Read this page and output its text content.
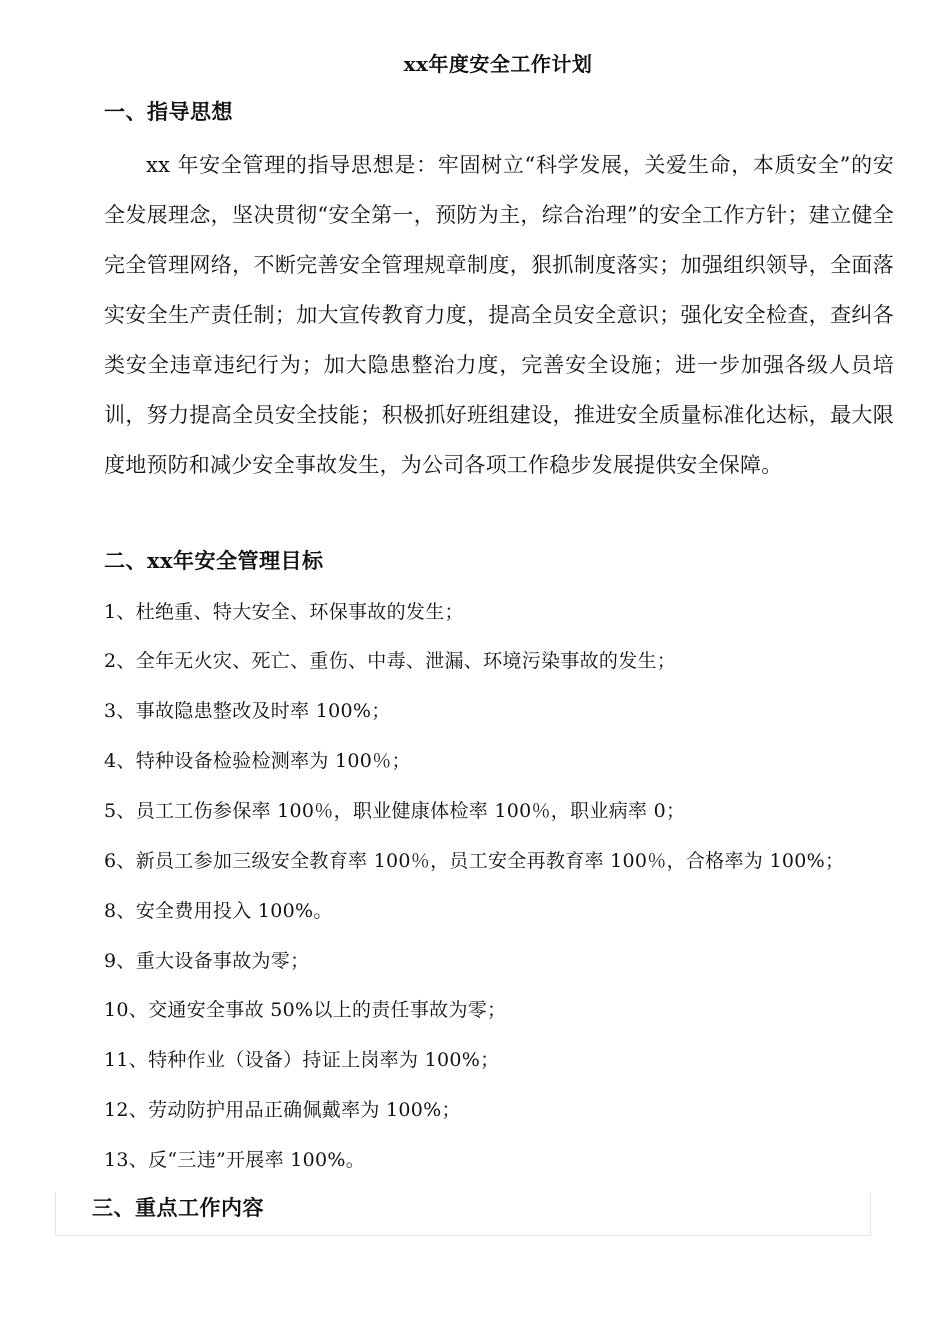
xx年度安全工作计划
一、指导思想
xx 年安全管理的指导思想是：牢固树立“科学发展，关爱生命，本质安全”的安全发展理念，坚决贯彻“安全第一，预防为主，综合治理”的安全工作方针；建立健全完全管理网络，不断完善安全管理规章制度，狠抓制度落实；加强组织领导，全面落实安全生产责任制；加大宣传教育力度，提高全员安全意识；强化安全检查，查纠各类安全违章违纪行为；加大隐患整治力度，完善安全设施；进一步加强各级人员培训，努力提高全员安全技能；积极抓好班组建设，推进安全质量标准化达标，最大限度地预防和减少安全事故发生，为公司各项工作稳步发展提供安全保障。
二、xx年安全管理目标
1、杜绝重、特大安全、环保事故的发生；
2、全年无火灾、死亡、重伤、中毒、泄漏、环境污染事故的发生；
3、事故隐患整改及时率 100%；
4、特种设备检验检测率为 100％；
5、员工工伤参保率 100％，职业健康体检率 100％，职业病率 0；
6、新员工参加三级安全教育率 100％，员工安全再教育率 100％，合格率为 100%；
8、安全费用投入 100%。
9、重大设备事故为零；
10、交通安全事故 50%以上的责任事故为零；
11、特种作业（设备）持证上岗率为 100%；
12、劳动防护用品正确佩戴率为 100%；
13、反“三违”开展率 100%。
三、重点工作内容
